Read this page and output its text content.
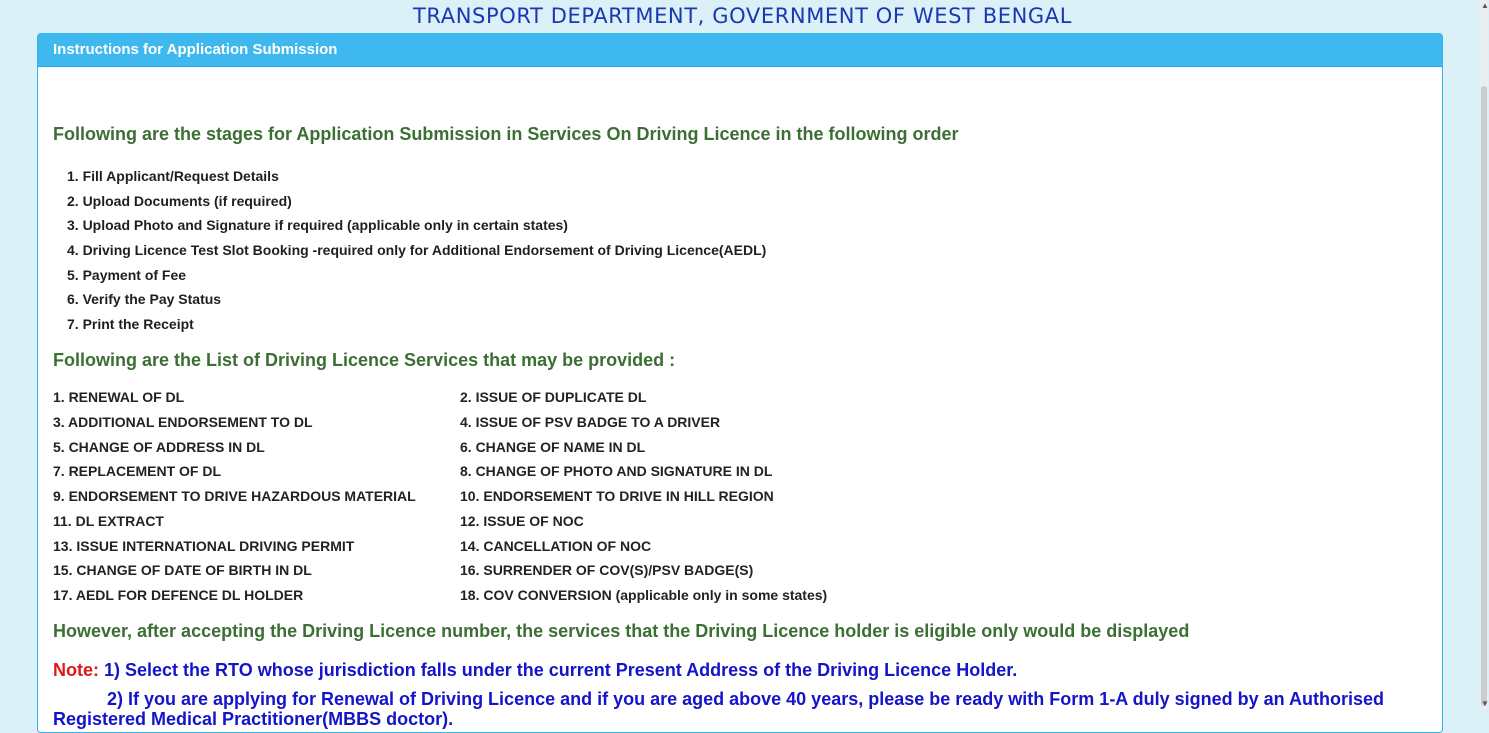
TRANSPORT DEPARTMENT, GOVERNMENT OF WEST BENGAL
Instructions for Application Submission
Following are the stages for Application Submission in Services On Driving Licence in the following order
1. Fill Applicant/Request Details
2. Upload Documents (if required)
3. Upload Photo and Signature if required (applicable only in certain states)
4. Driving Licence Test Slot Booking -required only for Additional Endorsement of Driving Licence(AEDL)
5. Payment of Fee
6. Verify the Pay Status
7. Print the Receipt
Following are the List of Driving Licence Services that may be provided :
1. RENEWAL OF DL
3. ADDITIONAL ENDORSEMENT TO DL
5. CHANGE OF ADDRESS IN DL
7. REPLACEMENT OF DL
9. ENDORSEMENT TO DRIVE HAZARDOUS MATERIAL
11. DL EXTRACT
13. ISSUE INTERNATIONAL DRIVING PERMIT
15. CHANGE OF DATE OF BIRTH IN DL
17. AEDL FOR DEFENCE DL HOLDER
2. ISSUE OF DUPLICATE DL
4. ISSUE OF PSV BADGE TO A DRIVER
6. CHANGE OF NAME IN DL
8. CHANGE OF PHOTO AND SIGNATURE IN DL
10. ENDORSEMENT TO DRIVE IN HILL REGION
12. ISSUE OF NOC
14. CANCELLATION OF NOC
16. SURRENDER OF COV(S)/PSV BADGE(S)
18. COV CONVERSION (applicable only in some states)
However, after accepting the Driving Licence number, the services that the Driving Licence holder is eligible only would be displayed
Note: 1) Select the RTO whose jurisdiction falls under the current Present Address of the Driving Licence Holder.
2) If you are applying for Renewal of Driving Licence and if you are aged above 40 years, please be ready with Form 1-A duly signed by an Authorised
Registered Medical Practitioner(MBBS doctor).
▲
▼
